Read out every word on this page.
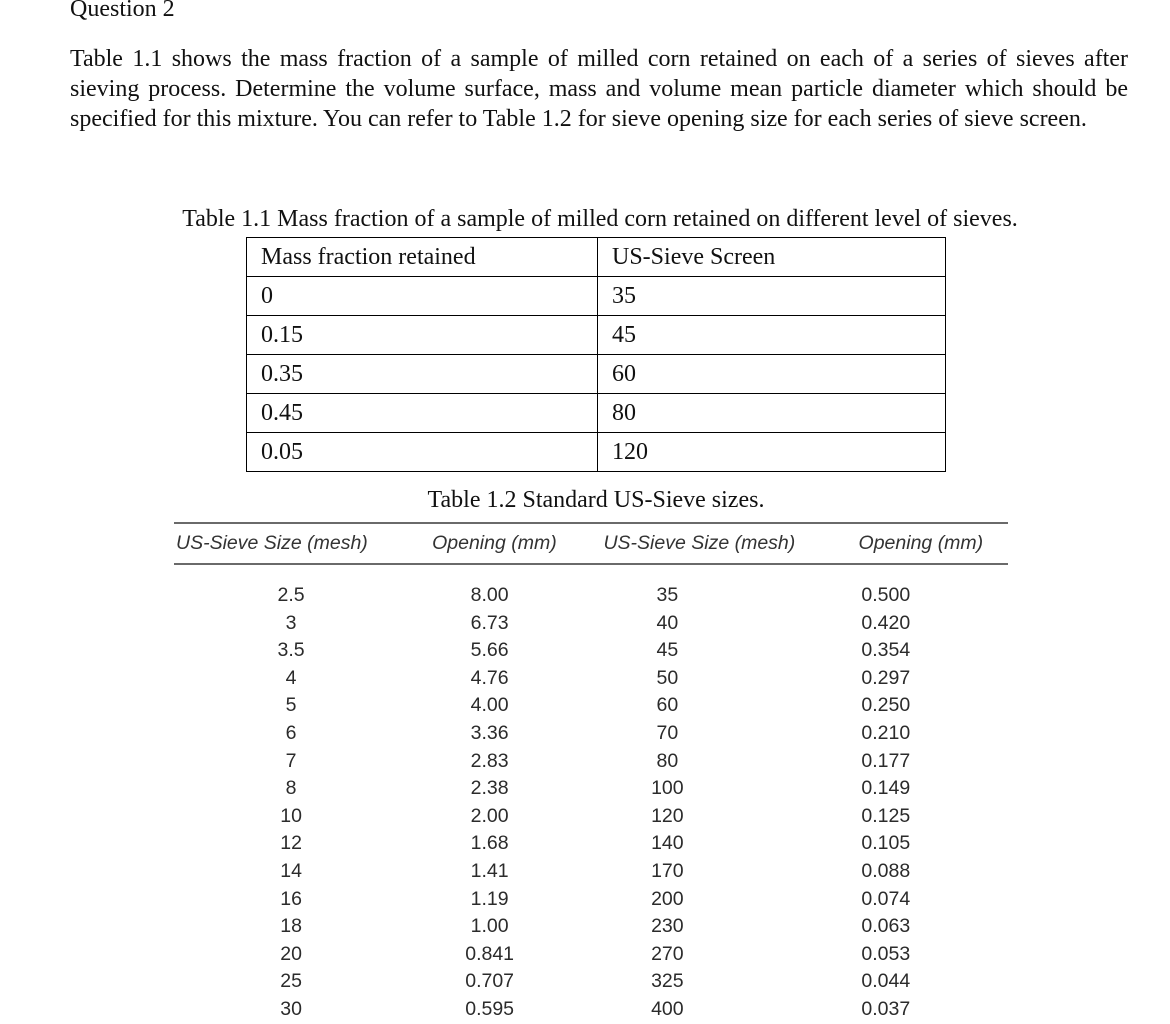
Question 2
Table 1.1 shows the mass fraction of a sample of milled corn retained on each of a series of sieves after sieving process. Determine the volume surface, mass and volume mean particle diameter which should be specified for this mixture. You can refer to Table 1.2 for sieve opening size for each series of sieve screen.
Table 1.1 Mass fraction of a sample of milled corn retained on different level of sieves.
Mass fraction retained	US-Sieve Screen
0	35
0.15	45
0.35	60
0.45	80
0.05	120
Table 1.2 Standard US-Sieve sizes.
US-Sieve Size (mesh)	Opening (mm)	US-Sieve Size (mesh)	Opening (mm)
2.5	8.00	35	0.500
3	6.73	40	0.420
3.5	5.66	45	0.354
4	4.76	50	0.297
5	4.00	60	0.250
6	3.36	70	0.210
7	2.83	80	0.177
8	2.38	100	0.149
10	2.00	120	0.125
12	1.68	140	0.105
14	1.41	170	0.088
16	1.19	200	0.074
18	1.00	230	0.063
20	0.841	270	0.053
25	0.707	325	0.044
30	0.595	400	0.037
